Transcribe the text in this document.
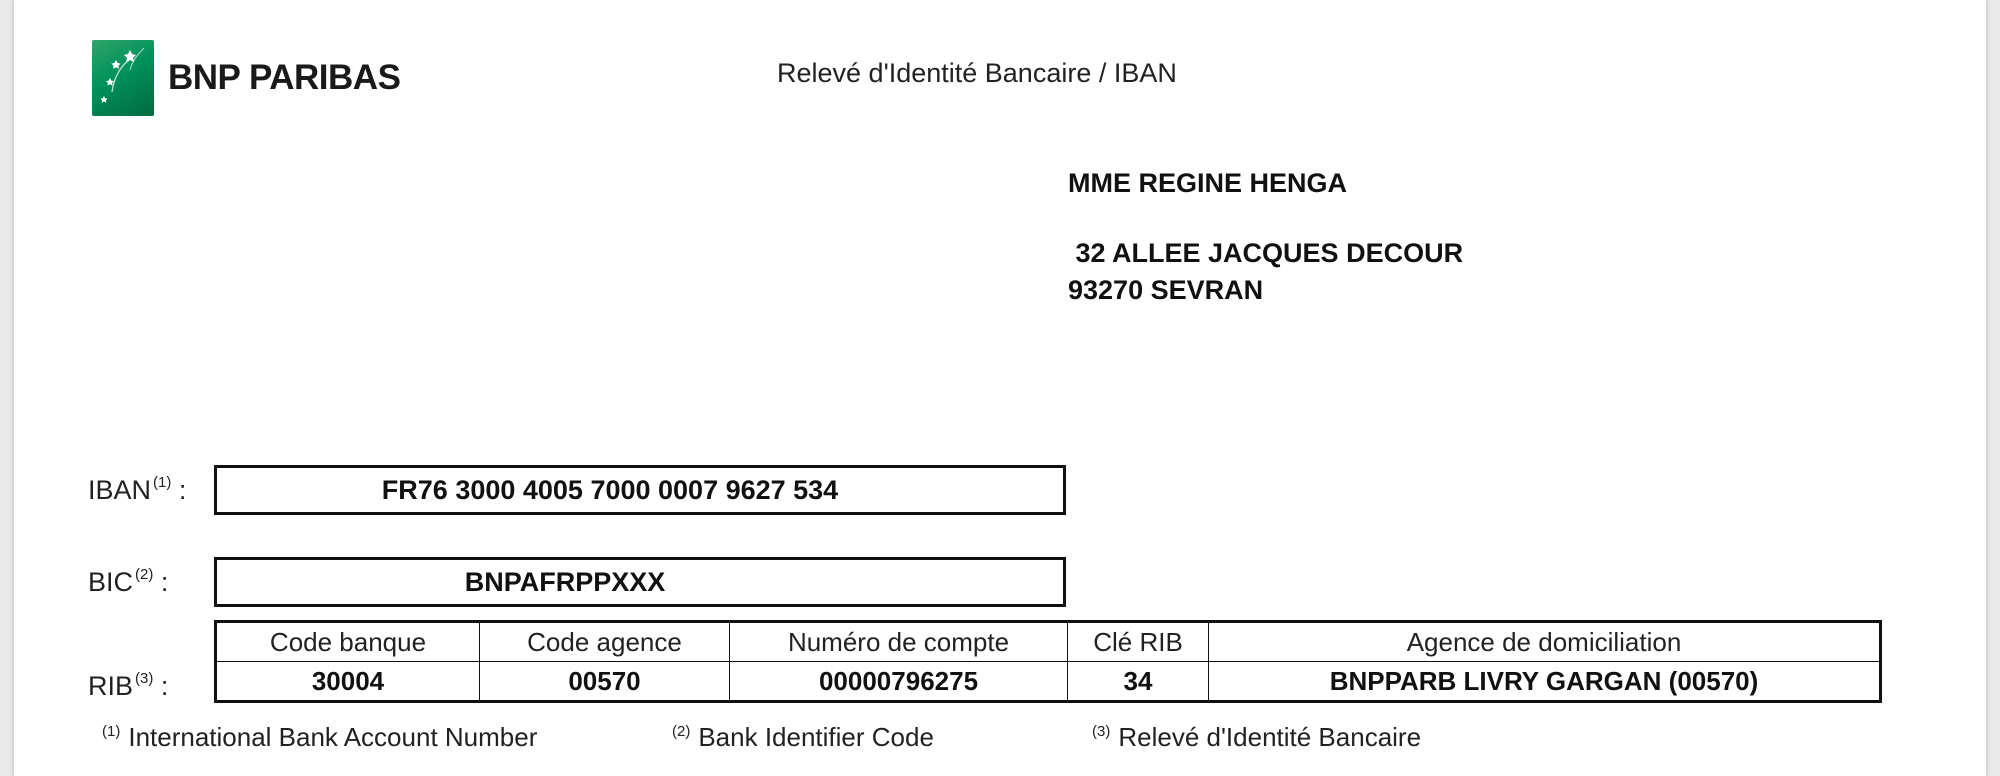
BNP PARIBAS	Relevé d'Identité Bancaire / IBAN
MME REGINE HENGA
32 ALLEE JACQUES DECOUR
93270 SEVRAN
IBAN $^{(1)}$ :	FR76 3000 4005 7000 0007 9627 534
BIC $^{(2)}$ :	BNPAFRPPXXX
RIB $^{(3)}$ :
Code banque	Code agence	Numéro de compte	Clé RIB	Agence de domiciliation
30004	00570	00000796275	34	BNPPARB LIVRY GARGAN (00570)
$^{(1)}$ International Bank Account Number	$^{(2)}$ Bank Identifier Code	$^{(3)}$ Relevé d'Identité Bancaire
